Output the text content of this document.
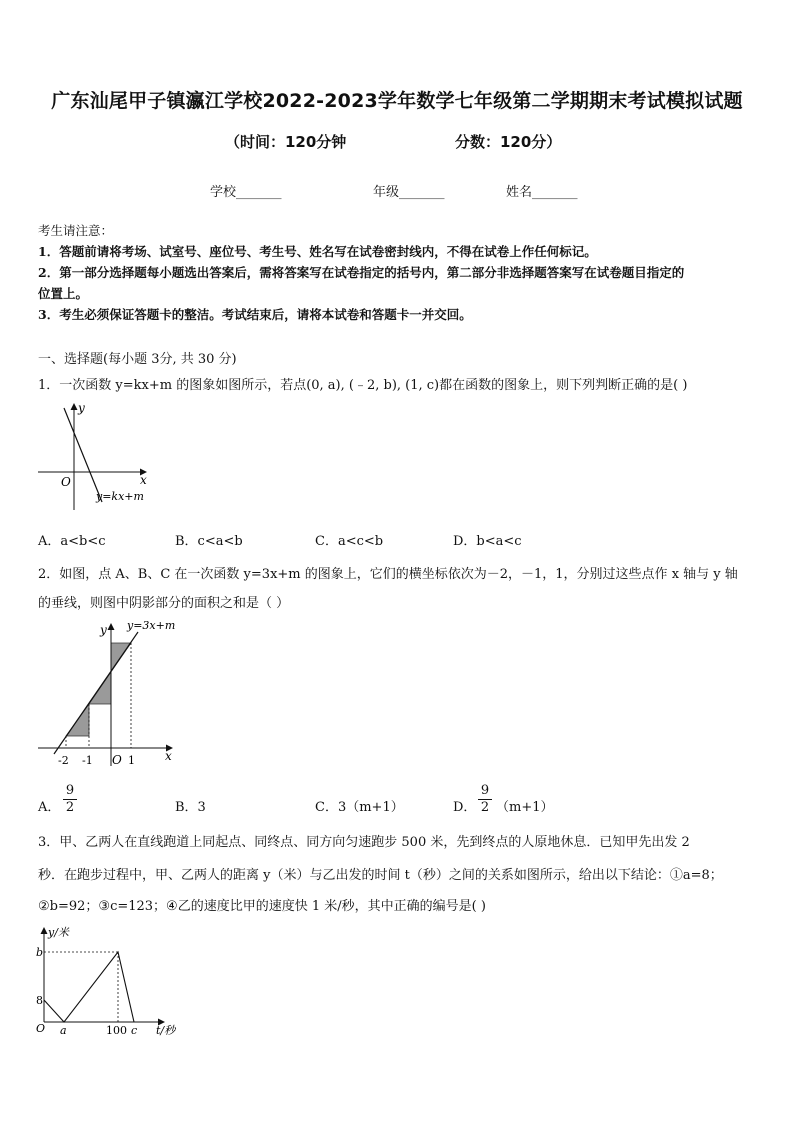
广东汕尾甲子镇瀛江学校2022-2023学年数学七年级第二学期期末考试模拟试题
（时间：120分钟	分数：120分）
学校_______	年级_______	姓名_______
考生请注意：
1．答题前请将考场、试室号、座位号、考生号、姓名写在试卷密封线内，不得在试卷上作任何标记。
2．第一部分选择题每小题选出答案后，需将答案写在试卷指定的括号内，第二部分非选择题答案写在试卷题目指定的
位置上。
3．考生必须保证答题卡的整洁。考试结束后，请将本试卷和答题卡一并交回。
一、选择题(每小题 3分, 共 30 分)
1．一次函数 y=kx+m 的图象如图所示，若点(0, a), (﹣2, b), (1, c)都在函数的图象上，则下列判断正确的是( )
y
x
O
y=kx+m
A．a<b<c	B．c<a<b	C．a<c<b	D．b<a<c
2．如图，点 A、B、C 在一次函数 y=3x+m 的图象上，它们的横坐标依次为－2，－1，1，分别过这些点作 x 轴与 y 轴
的垂线，则图中阴影部分的面积之和是（ ）
y
x
y=3x+m
O
-2 -1	1
A． $\frac{9}{2}$	B．3	C．3（m+1）	D． $\frac{9}{2} (m+1)$
3．甲、乙两人在直线跑道上同起点、同终点、同方向匀速跑步 500 米，先到终点的人原地休息．已知甲先出发 2
秒．在跑步过程中，甲、乙两人的距离 y（米）与乙出发的时间 t（秒）之间的关系如图所示，给出以下结论：①a=8；
②b=92；③c=123；④乙的速度比甲的速度快 1 米/秒，其中正确的编号是( )
y/米
t/秒
b
8
O a	100 c
